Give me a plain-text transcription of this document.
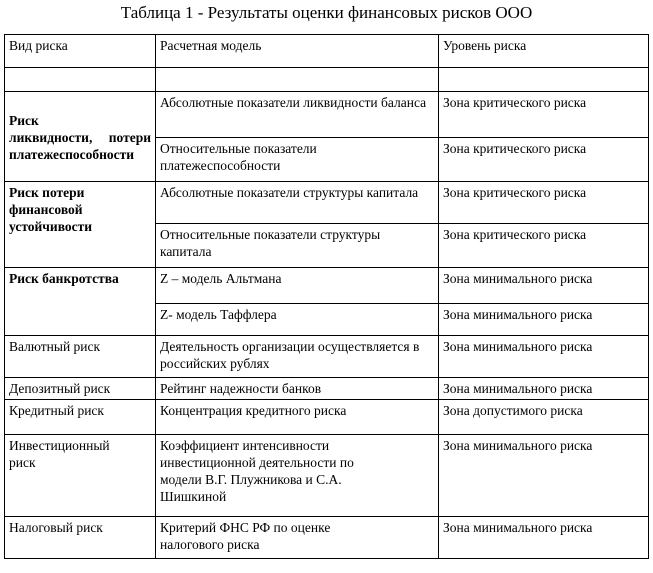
Таблица 1 - Результаты оценки финансовых рисков ООО
Вид риска	Расчетная модель	Уровень риска

Риск
ликвидности, потери
платежеспособности	Абсолютные показатели ликвидности баланса	Зона критического риска
	Относительные показатели платежеспособности	Зона критического риска
Риск потери финансовой устойчивости	Абсолютные показатели структуры капитала	Зона критического риска
	Относительные показатели структуры капитала	Зона критического риска
Риск банкротства	Z – модель Альтмана	Зона минимального риска
	Z- модель Таффлера	Зона минимального риска
Валютный риск	Деятельность организации осуществляется в российских рублях	Зона минимального риска
Депозитный риск	Рейтинг надежности банков	Зона минимального риска
Кредитный риск	Концентрация кредитного риска	Зона допустимого риска
Инвестиционный риск	Коэффициент интенсивности инвестиционной деятельности по модели В.Г. Плужникова и С.А. Шишкиной	Зона минимального риска
Налоговый риск	Критерий ФНС РФ по оценке налогового риска	Зона минимального риска
